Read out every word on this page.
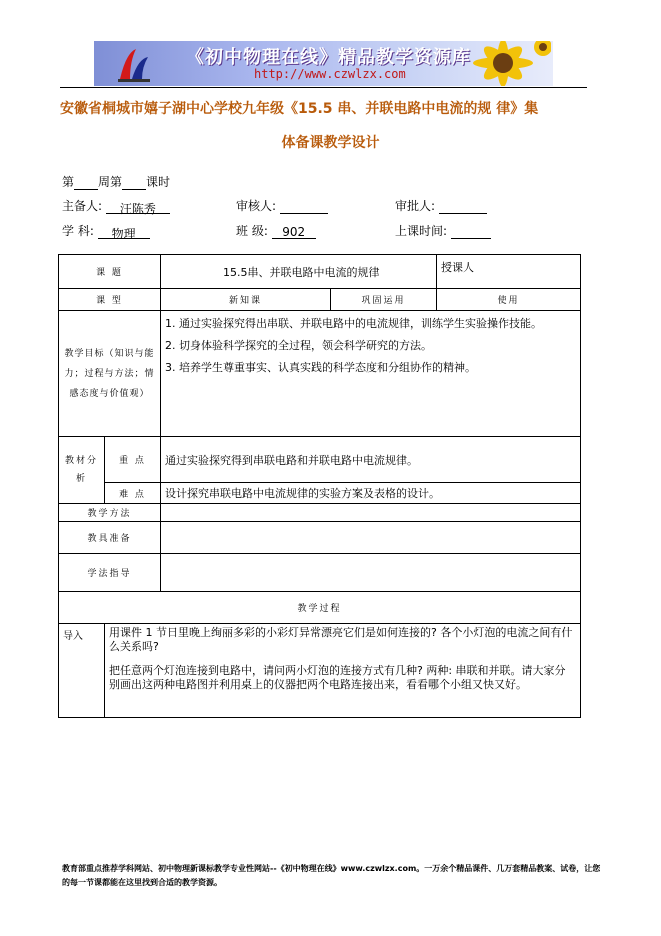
《初中物理在线》精品教学资源库
http://www.czwlzx.com
安徽省桐城市嬉子湖中心学校九年级《15.5 串、并联电路中电流的规 律》集
体备课教学设计
第 周第 课时
主备人: 汪陈秀	审核人:	审批人:
学 科: 物理	班 级: 902	上课时间:
课 题		15.5串、并联电路中电流的规律		授课人
课 型		新知课	巩固运用	使用
教学目标（知识与能力；过程与方法；情感态度与价值观）		1. 通过实验探究得出串联、并联电路中的电流规律，训练学生实验操作技能。
2. 切身体验科学探究的全过程，领会科学研究的方法。
3. 培养学生尊重事实、认真实践的科学态度和分组协作的精神。		

教材分析	重 点	通过实验探究得到串联电路和并联电路中电流规律。		
	难 点	设计探究串联电路中电流规律的实验方案及表格的设计。		
教学方法				
教具准备				
学法指导				
教学过程				
导入	用课件 1 节日里晚上绚丽多彩的小彩灯异常漂亮它们是如何连接的? 各个小灯泡的电流之间有什么关系吗?

把任意两个灯泡连接到电路中，请问两小灯泡的连接方式有几种? 两种: 串联和并联。请大家分别画出这两种电路图并利用桌上的仪器把两个电路连接出来，看看哪个小组又快又好。			

教育部重点推荐学科网站、初中物理新课标教学专业性网站--《初中物理在线》www.czwlzx.com。一万余个精品课件、几万套精品教案、试卷，让您的每一节课都能在这里找到合适的教学资源。
